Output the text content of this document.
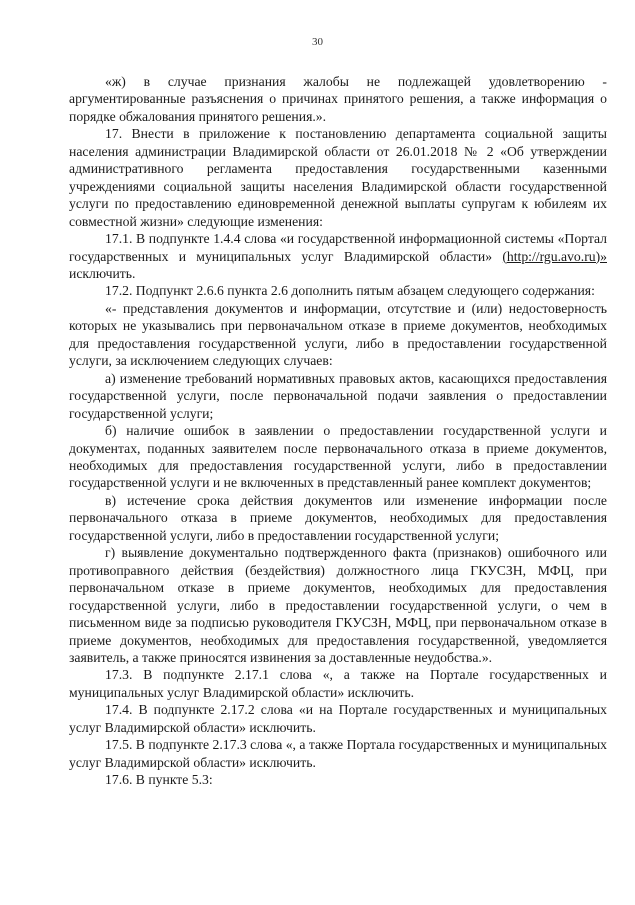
30

«ж) в случае признания жалобы не подлежащей удовлетворению - аргументированные разъяснения о причинах принятого решения, а также информация о порядке обжалования принятого решения.».

17. Внести в приложение к постановлению департамента социальной защиты населения администрации Владимирской области от 26.01.2018 № 2 «Об утверждении административного регламента предоставления государственными казенными учреждениями социальной защиты населения Владимирской области государственной услуги по предоставлению единовременной денежной выплаты супругам к юбилеям их совместной жизни» следующие изменения:

17.1. В подпункте 1.4.4 слова «и государственной информационной системы «Портал государственных и муниципальных услуг Владимирской области» (http://rgu.avo.ru)» исключить.

17.2. Подпункт 2.6.6 пункта 2.6 дополнить пятым абзацем следующего содержания:

«- представления документов и информации, отсутствие и (или) недостоверность которых не указывались при первоначальном отказе в приеме документов, необходимых для предоставления государственной услуги, либо в предоставлении государственной услуги, за исключением следующих случаев:

а) изменение требований нормативных правовых актов, касающихся предоставления государственной услуги, после первоначальной подачи заявления о предоставлении государственной услуги;

б) наличие ошибок в заявлении о предоставлении государственной услуги и документах, поданных заявителем после первоначального отказа в приеме документов, необходимых для предоставления государственной услуги, либо в предоставлении государственной услуги и не включенных в представленный ранее комплект документов;

в) истечение срока действия документов или изменение информации после первоначального отказа в приеме документов, необходимых для предоставления государственной услуги, либо в предоставлении государственной услуги;

г) выявление документально подтвержденного факта (признаков) ошибочного или противоправного действия (бездействия) должностного лица ГКУСЗН, МФЦ, при первоначальном отказе в приеме документов, необходимых для предоставления государственной услуги, либо в предоставлении государственной услуги, о чем в письменном виде за подписью руководителя ГКУСЗН, МФЦ, при первоначальном отказе в приеме документов, необходимых для предоставления государственной, уведомляется заявитель, а также приносятся извинения за доставленные неудобства.».

17.3. В подпункте 2.17.1 слова «, а также на Портале государственных и муниципальных услуг Владимирской области» исключить.

17.4. В подпункте 2.17.2 слова «и на Портале государственных и муниципальных услуг Владимирской области» исключить.

17.5. В подпункте 2.17.3 слова «, а также Портала государственных и муниципальных услуг Владимирской области» исключить.

17.6. В пункте 5.3:
